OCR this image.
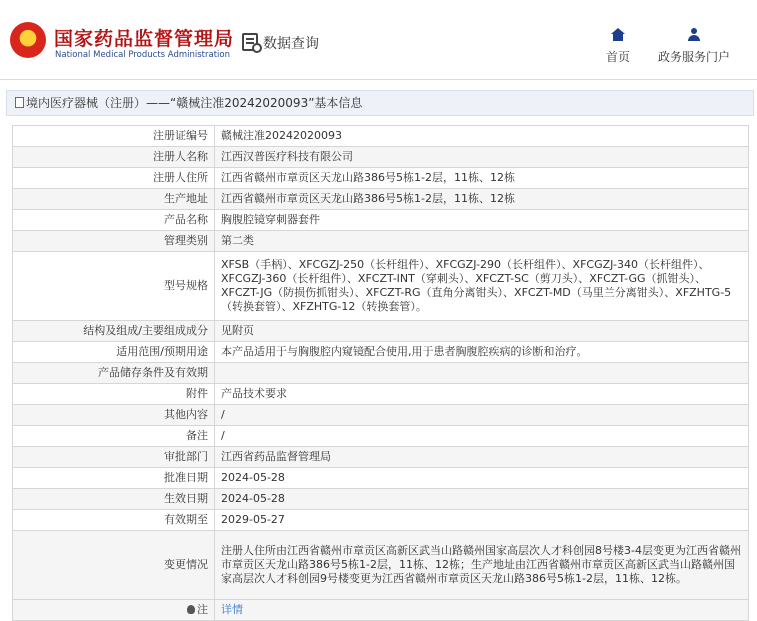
国家药品监督管理局
National Medical Products Administration
数据查询
首页	政务服务门户
境内医疗器械（注册）——“赣械注准20242020093”基本信息
注册证编号	赣械注准20242020093
注册人名称	江西汉普医疗科技有限公司
注册人住所	江西省赣州市章贡区天龙山路386号5栋1-2层，11栋、12栋
生产地址	江西省赣州市章贡区天龙山路386号5栋1-2层，11栋、12栋
产品名称	胸腹腔镜穿刺器套件
管理类别	第二类
型号规格	XFSB（手柄）、XFCGZJ-250（长杆组件）、XFCGZJ-290（长杆组件）、XFCGZJ-340（长杆组件）、XFCGZJ-360（长杆组件）、XFCZT-INT（穿刺头）、XFCZT-SC（剪刀头）、XFCZT-GG（抓钳头）、XFCZT-JG（防损伤抓钳头）、XFCZT-RG（直角分离钳头）、XFCZT-MD（马里兰分离钳头）、XFZHTG-5（转换套管）、XFZHTG-12（转换套管）。
结构及组成/主要组成成分	见附页
适用范围/预期用途	本产品适用于与胸腹腔内窥镜配合使用,用于患者胸腹腔疾病的诊断和治疗。
产品储存条件及有效期	
附件	产品技术要求
其他内容	/
备注	/
审批部门	江西省药品监督管理局
批准日期	2024-05-28
生效日期	2024-05-28
有效期至	2029-05-27
变更情况	注册人住所由江西省赣州市章贡区高新区武当山路赣州国家高层次人才科创园8号楼3-4层变更为江西省赣州市章贡区天龙山路386号5栋1-2层，11栋、12栋；生产地址由江西省赣州市章贡区高新区武当山路赣州国家高层次人才科创园9号楼变更为江西省赣州市章贡区天龙山路386号5栋1-2层，11栋、12栋。
注	详情
